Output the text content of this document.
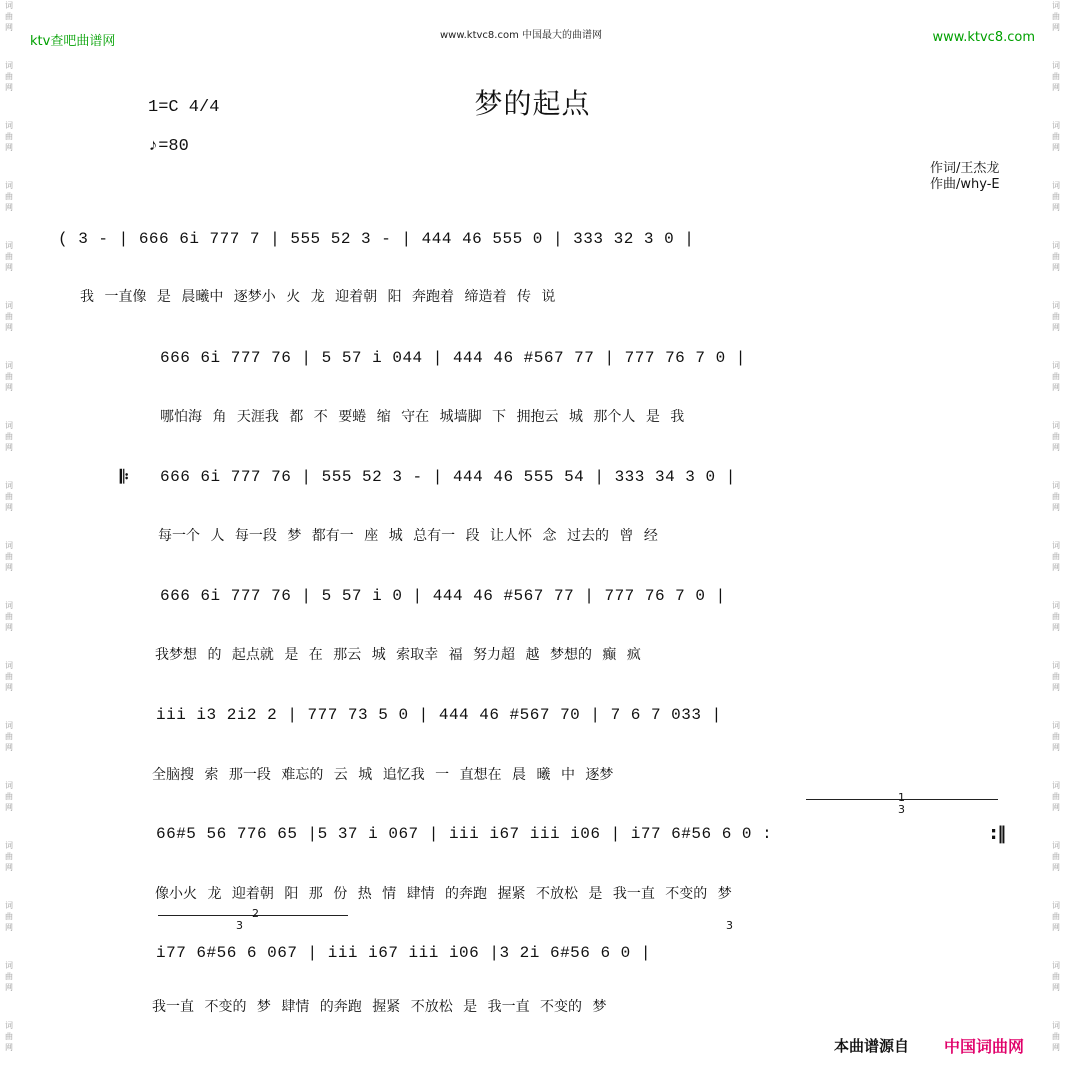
词
曲
网
词
曲
网
词
曲
网
词
曲
网
词
曲
网
词
曲
网
词
曲
网
词
曲
网
词
曲
网
词
曲
网
词
曲
网
词
曲
网
词
曲
网
词
曲
网
词
曲
网
词
曲
网
词
曲
网
词
曲
网
词
曲
网
词
曲
网
词
曲
网
词
曲
网
词
曲
网
词
曲
网
词
曲
网
词
曲
网
词
曲
网
词
曲
网
词
曲
网
词
曲
网
词
曲
网
词
曲
网
词
曲
网
词
曲
网
词
曲
网
词
曲
网
ktv查吧曲谱网	www.ktvc8.com 中国最大的曲谱网	www.ktvc8.com
梦的起点
1=C 4/4
♪=80
作词/王杰龙
作曲/why-E
( 3 - | 666 6i 777 7 | 555 52 3 - | 444 46 555 0 | 333 32 3 0 |
我 一直像 是 晨曦中 逐梦小 火 龙 迎着朝 阳 奔跑着 缔造着 传 说
666 6i 777 76 | 5 57 i 044 | 444 46 #567 77 | 777 76 7 0 |
哪怕海 角 天涯我 都 不 要蜷 缩 守在 城墙脚 下 拥抱云 城 那个人 是 我
𝄆 666 6i 777 76 | 555 52 3 - | 444 46 555 54 | 333 34 3 0 |
每一个 人 每一段 梦 都有一 座 城 总有一 段 让人怀 念 过去的 曾 经
666 6i 777 76 | 5 57 i 0 | 444 46 #567 77 | 777 76 7 0 |
我梦想 的 起点就 是 在 那云 城 索取幸 福 努力超 越 梦想的 癫 疯
iii i3 2i2 2 | 777 73 5 0 | 444 46 #567 70 | 7 6 7 033 |
全脑搜 索 那一段 难忘的 云 城 追忆我 一 直想在 晨 曦 中 逐梦
1
3
66#5 56 776 65 |5 37 i 067 | iii i67 iii i06 | i77 6#56 6 0 :	:‖
像小火 龙 迎着朝 阳 那 份 热 情 肆情 的奔跑 握紧 不放松 是 我一直 不变的 梦
2
3	3
i77 6#56 6 067 | iii i67 iii i06 |3 2i 6#56 6 0 |
我一直 不变的 梦 肆情 的奔跑 握紧 不放松 是 我一直 不变的 梦
本曲谱源自 中国词曲网
